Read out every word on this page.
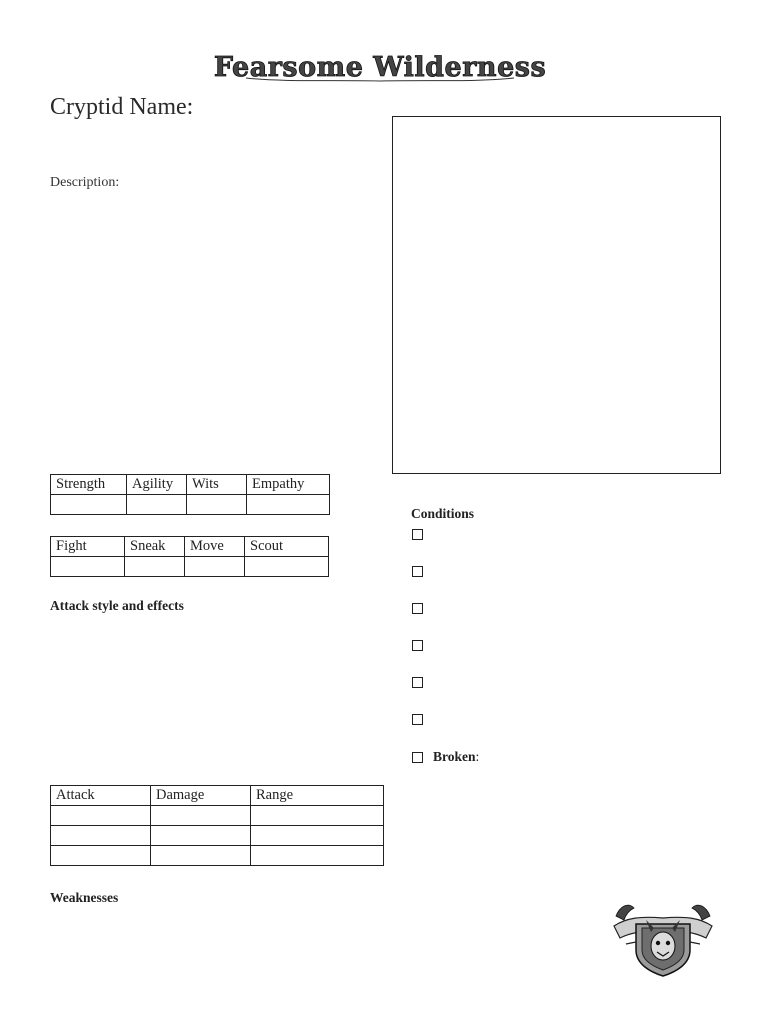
Fearsome Wilderness
Cryptid Name:
Description:
Strength	Agility	Wits	Empathy

Fight	Sneak	Move	Scout

Attack style and effects
Attack	Damage	Range

Weaknesses
Conditions
Broken:
